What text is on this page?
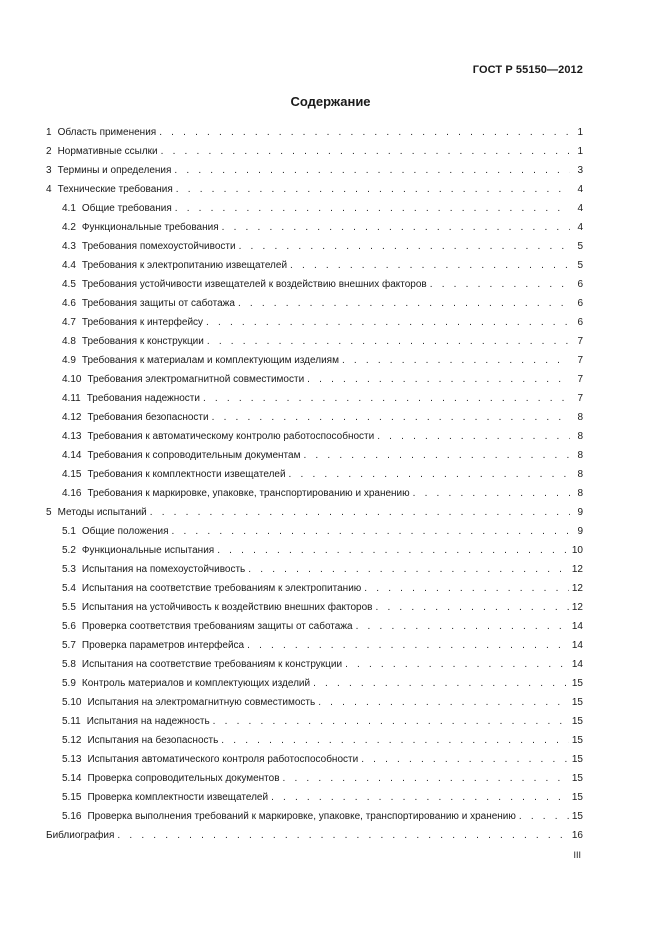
ГОСТ Р 55150—2012
Содержание
1 Область применения . . .	1
2 Нормативные ссылки . . .	1
3 Термины и определения . . .	3
4 Технические требования . . .	4
4.1 Общие требования . . .	4
4.2 Функциональные требования . . .	4
4.3 Требования помехоустойчивости . . .	5
4.4 Требования к электропитанию извещателей . . .	5
4.5 Требования устойчивости извещателей к воздействию внешних факторов . . .	6
4.6 Требования защиты от саботажа . . .	6
4.7 Требования к интерфейсу . . .	6
4.8 Требования к конструкции . . .	7
4.9 Требования к материалам и комплектующим изделиям . . .	7
4.10 Требования электромагнитной совместимости . . .	7
4.11 Требования надежности . . .	7
4.12 Требования безопасности . . .	8
4.13 Требования к автоматическому контролю работоспособности . . .	8
4.14 Требования к сопроводительным документам . . .	8
4.15 Требования к комплектности извещателей . . .	8
4.16 Требования к маркировке, упаковке, транспортированию и хранению . . .	8
5 Методы испытаний . . .	9
5.1 Общие положения . . .	9
5.2 Функциональные испытания . . .	10
5.3 Испытания на помехоустойчивость . . .	12
5.4 Испытания на соответствие требованиям к электропитанию . . .	12
5.5 Испытания на устойчивость к воздействию внешних факторов . . .	12
5.6 Проверка соответствия требованиям защиты от саботажа . . .	14
5.7 Проверка параметров интерфейса . . .	14
5.8 Испытания на соответствие требованиям к конструкции . . .	14
5.9 Контроль материалов и комплектующих изделий . . .	15
5.10 Испытания на электромагнитную совместимость . . .	15
5.11 Испытания на надежность . . .	15
5.12 Испытания на безопасность . . .	15
5.13 Испытания автоматического контроля работоспособности . . .	15
5.14 Проверка сопроводительных документов . . .	15
5.15 Проверка комплектности извещателей . . .	15
5.16 Проверка выполнения требований к маркировке, упаковке, транспортированию и хранению . . .	15
Библиография . . .	16
III
